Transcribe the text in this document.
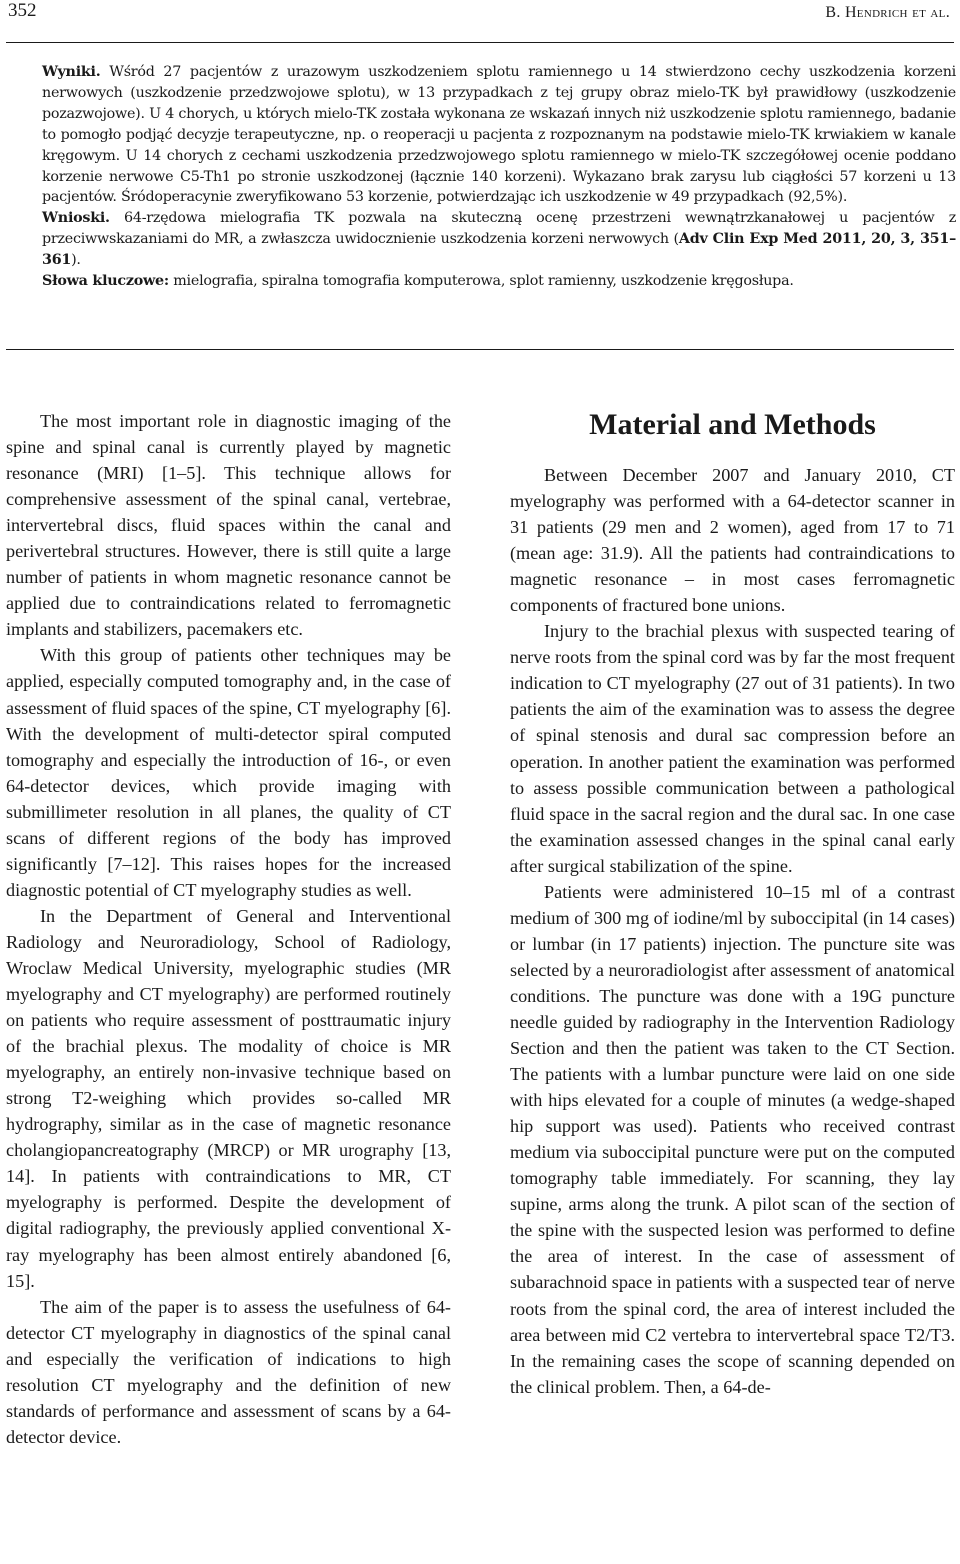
352	B. Hendrich et al.

Wyniki. Wśród 27 pacjentów z urazowym uszkodzeniem splotu ramiennego u 14 stwierdzono cechy uszkodzenia korzeni nerwowych (uszkodzenie przedzwojowe splotu), w 13 przypadkach z tej grupy obraz mielo-TK był prawidłowy (uszkodzenie pozazwojowe). U 4 chorych, u których mielo-TK została wykonana ze wskazań innych niż uszkodzenie splotu ramiennego, badanie to pomogło podjąć decyzje terapeutyczne, np. o reoperacji u pacjenta z rozpoznanym na podstawie mielo-TK krwiakiem w kanale kręgowym. U 14 chorych z cechami uszkodzenia przedzwojowego splotu ramiennego w mielo-TK szczegółowej ocenie poddano korzenie nerwowe C5-Th1 po stronie uszkodzonej (łącznie 140 korzeni). Wykazano brak zarysu lub ciągłości 57 korzeni u 13 pacjentów. Śródoperacynie zweryfikowano 53 korzenie, potwierdzając ich uszkodzenie w 49 przypadkach (92,5%).

Wnioski. 64-rzędowa mielografia TK pozwala na skuteczną ocenę przestrzeni wewnątrzkanałowej u pacjentów z przeciwwskazaniami do MR, a zwłaszcza uwidocznienie uszkodzenia korzeni nerwowych (Adv Clin Exp Med 2011, 20, 3, 351–361).

Słowa kluczowe: mielografia, spiralna tomografia komputerowa, splot ramienny, uszkodzenie kręgosłupa.

The most important role in diagnostic imaging of the spine and spinal canal is currently played by magnetic resonance (MRI) [1–5]. This technique allows for comprehensive assessment of the spinal canal, vertebrae, intervertebral discs, fluid spaces within the canal and perivertebral structures. However, there is still quite a large number of patients in whom magnetic resonance cannot be applied due to contraindications related to ferromagnetic implants and stabilizers, pacemakers etc.

With this group of patients other techniques may be applied, especially computed tomography and, in the case of assessment of fluid spaces of the spine, CT myelography [6]. With the development of multi-detector spiral computed tomography and especially the introduction of 16-, or even 64-detector devices, which provide imaging with submillimeter resolution in all planes, the quality of CT scans of different regions of the body has improved significantly [7–12]. This raises hopes for the increased diagnostic potential of CT myelography studies as well.

In the Department of General and Interventional Radiology and Neuroradiology, School of Radiology, Wroclaw Medical University, myelographic studies (MR myelography and CT myelography) are performed routinely on patients who require assessment of posttraumatic injury of the brachial plexus. The modality of choice is MR myelography, an entirely non-invasive technique based on strong T2-weighing which provides so-called MR hydrography, similar as in the case of magnetic resonance cholangiopancreatography (MRCP) or MR urography [13, 14]. In patients with contraindications to MR, CT myelography is performed. Despite the development of digital radiography, the previously applied conventional X-ray myelography has been almost entirely abandoned [6, 15].

The aim of the paper is to assess the usefulness of 64-detector CT myelography in diagnostics of the spinal canal and especially the verification of indications to high resolution CT myelography and the definition of new standards of performance and assessment of scans by a 64-detector device.

Material and Methods

Between December 2007 and January 2010, CT myelography was performed with a 64-detector scanner in 31 patients (29 men and 2 women), aged from 17 to 71 (mean age: 31.9). All the patients had contraindications to magnetic resonance – in most cases ferromagnetic components of fractured bone unions.

Injury to the brachial plexus with suspected tearing of nerve roots from the spinal cord was by far the most frequent indication to CT myelography (27 out of 31 patients). In two patients the aim of the examination was to assess the degree of spinal stenosis and dural sac compression before an operation. In another patient the examination was performed to assess possible communication between a pathological fluid space in the sacral region and the dural sac. In one case the examination assessed changes in the spinal canal early after surgical stabilization of the spine.

Patients were administered 10–15 ml of a contrast medium of 300 mg of iodine/ml by suboccipital (in 14 cases) or lumbar (in 17 patients) injection. The puncture site was selected by a neuroradiologist after assessment of anatomical conditions. The puncture was done with a 19G puncture needle guided by radiography in the Intervention Radiology Section and then the patient was taken to the CT Section. The patients with a lumbar puncture were laid on one side with hips elevated for a couple of minutes (a wedge-shaped hip support was used). Patients who received contrast medium via suboccipital puncture were put on the computed tomography table immediately. For scanning, they lay supine, arms along the trunk. A pilot scan of the section of the spine with the suspected lesion was performed to define the area of interest. In the case of assessment of subarachnoid space in patients with a suspected tear of nerve roots from the spinal cord, the area of interest included the area between mid C2 vertebra to intervertebral space T2/T3. In the remaining cases the scope of scanning depended on the clinical problem. Then, a 64-de-
